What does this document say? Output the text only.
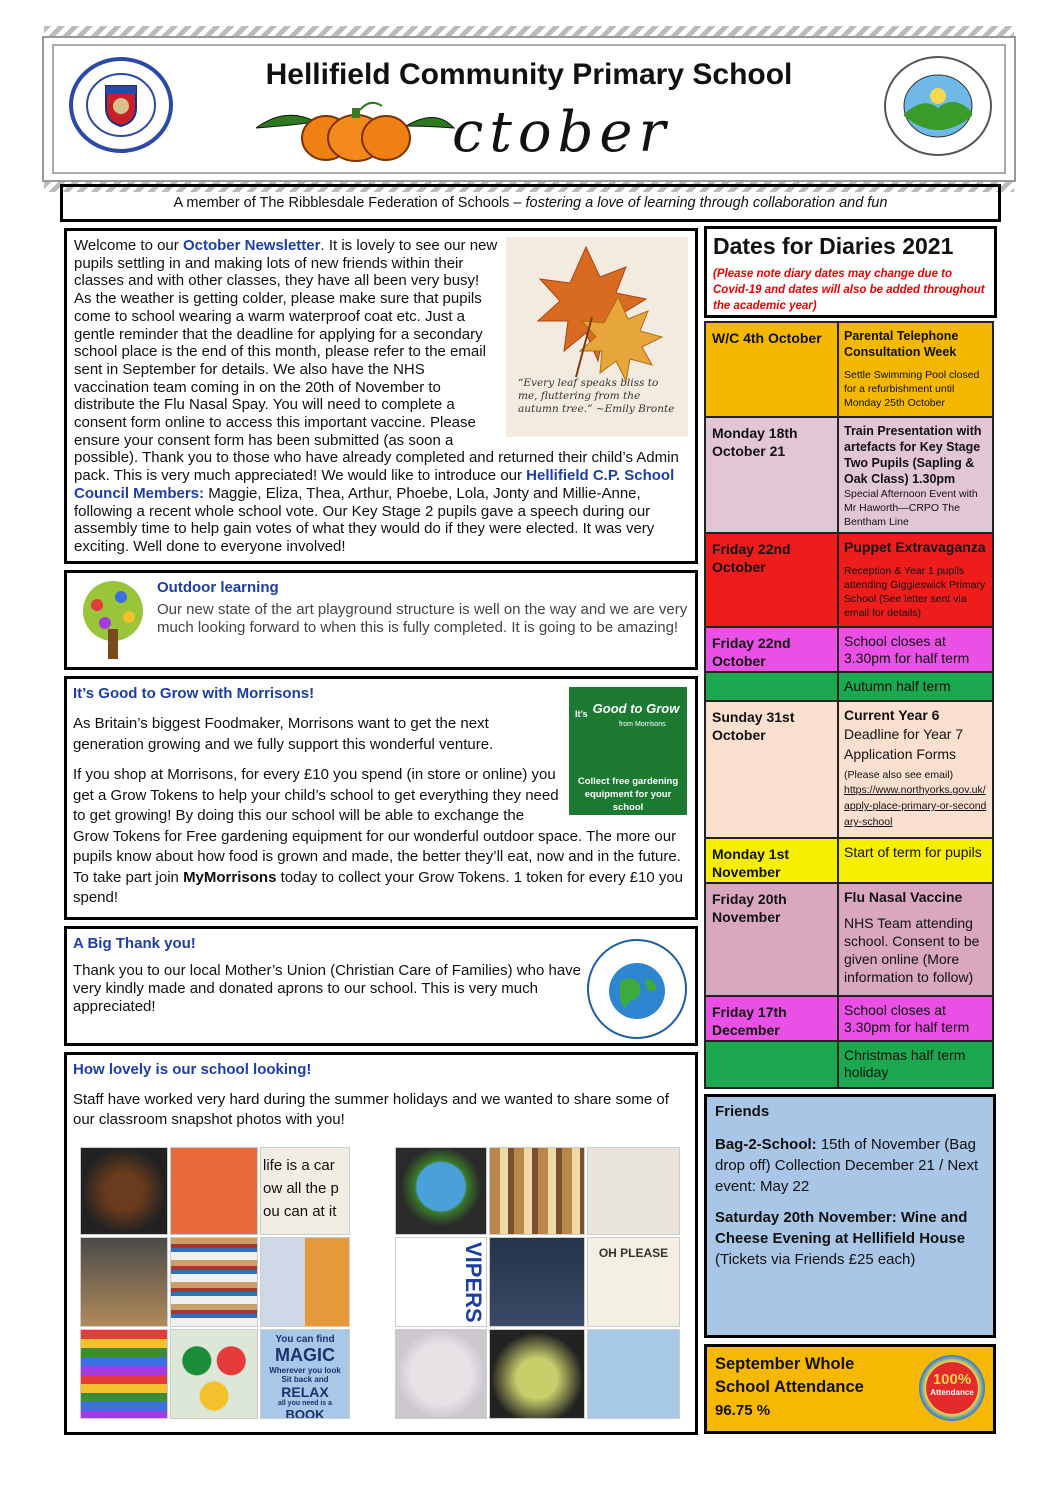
Hellifield Community Primary School
ctober
A member of The Ribblesdale Federation of Schools – fostering a love of learning through collaboration and fun
“Every leaf speaks bliss to me, fluttering from the autumn tree.” ~Emily Bronte

Welcome to our October Newsletter. It is lovely to see our new pupils settling in and making lots of new friends within their classes and with other classes, they have all been very busy! As the weather is getting colder, please make sure that pupils come to school wearing a warm waterproof coat etc. Just a gentle reminder that the deadline for applying for a secondary school place is the end of this month, please refer to the email sent in September for details. We also have the NHS vaccination team coming in on the 20th of November to distribute the Flu Nasal Spay. You will need to complete a consent form online to access this important vaccine. Please ensure your consent form has been submitted (as soon a possible). Thank you to those who have already completed and returned their child’s Admin pack. This is very much appreciated! We would like to introduce our Hellifield C.P. School Council Members: Maggie, Eliza, Thea, Arthur, Phoebe, Lola, Jonty and Millie-Anne, following a recent whole school vote. Our Key Stage 2 pupils gave a speech during our assembly time to help gain votes of what they would do if they were elected. It was very exciting. Well done to everyone involved!

Outdoor learning

Our new state of the art playground structure is well on the way and we are very much looking forward to when this is fully completed. It is going to be amazing!

It’s Good to Grow
from Morrisons
Collect free gardening equipment for your school

It’s Good to Grow with Morrisons!

As Britain’s biggest Foodmaker, Morrisons want to get the next generation growing and we fully support this wonderful venture.

If you shop at Morrisons, for every £10 you spend (in store or online) you get a Grow Tokens to help your child’s school to get everything they need to get growing! By doing this our school will be able to exchange the Grow Tokens for Free gardening equipment for our wonderful outdoor space. The more our pupils know about how food is grown and made, the better they’ll eat, now and in the future. To take part join MyMorrisons today to collect your Grow Tokens. 1 token for every £10 you spend!

A Big Thank you!

Thank you to our local Mother’s Union (Christian Care of Families) who have very kindly made and donated aprons to our school. This is very much appreciated!

How lovely is our school looking!

Staff have worked very hard during the summer holidays and we wanted to share some of our classroom snapshot photos with you!

life is a car
ow all the p
ou can at it
You can find
MAGIC
Wherever you look
Sit back and
RELAX
all you need is a
BOOK
VIPERS	OH PLEASE

Dates for Diaries 2021

(Please note diary dates may change due to Covid-19 and dates will also be added throughout the academic year)

W/C 4th October	Parental Telephone Consultation Week
Settle Swimming Pool closed for a refurbishment until Monday 25th October
Monday 18th October 21
Train Presentation with artefacts for Key Stage Two Pupils (Sapling & Oak Class) 1.30pm
Special Afternoon Event with Mr Haworth—CRPO The Bentham Line
Friday 22nd October
Puppet Extravaganza
Reception & Year 1 pupils attending Giggleswick Primary School (See letter sent via email for details)
Friday 22nd October
School closes at 3.30pm for half term
Autumn half term
Sunday 31st October
Current Year 6
Deadline for Year 7 Application Forms
(Please also see email)
https://www.northyorks.gov.uk/apply-place-primary-or-secondary-school
Monday 1st November
Start of term for pupils
Friday 20th November
Flu Nasal Vaccine
NHS Team attending school. Consent to be given online (More information to follow)
Friday 17th December
School closes at 3.30pm for half term
Christmas half term holiday

Friends

Bag-2-School: 15th of November (Bag drop off) Collection December 21 / Next event: May 22

Saturday 20th November: Wine and Cheese Evening at Hellifield House (Tickets via Friends £25 each)

September Whole School Attendance

96.75 %

100%
Attendance
